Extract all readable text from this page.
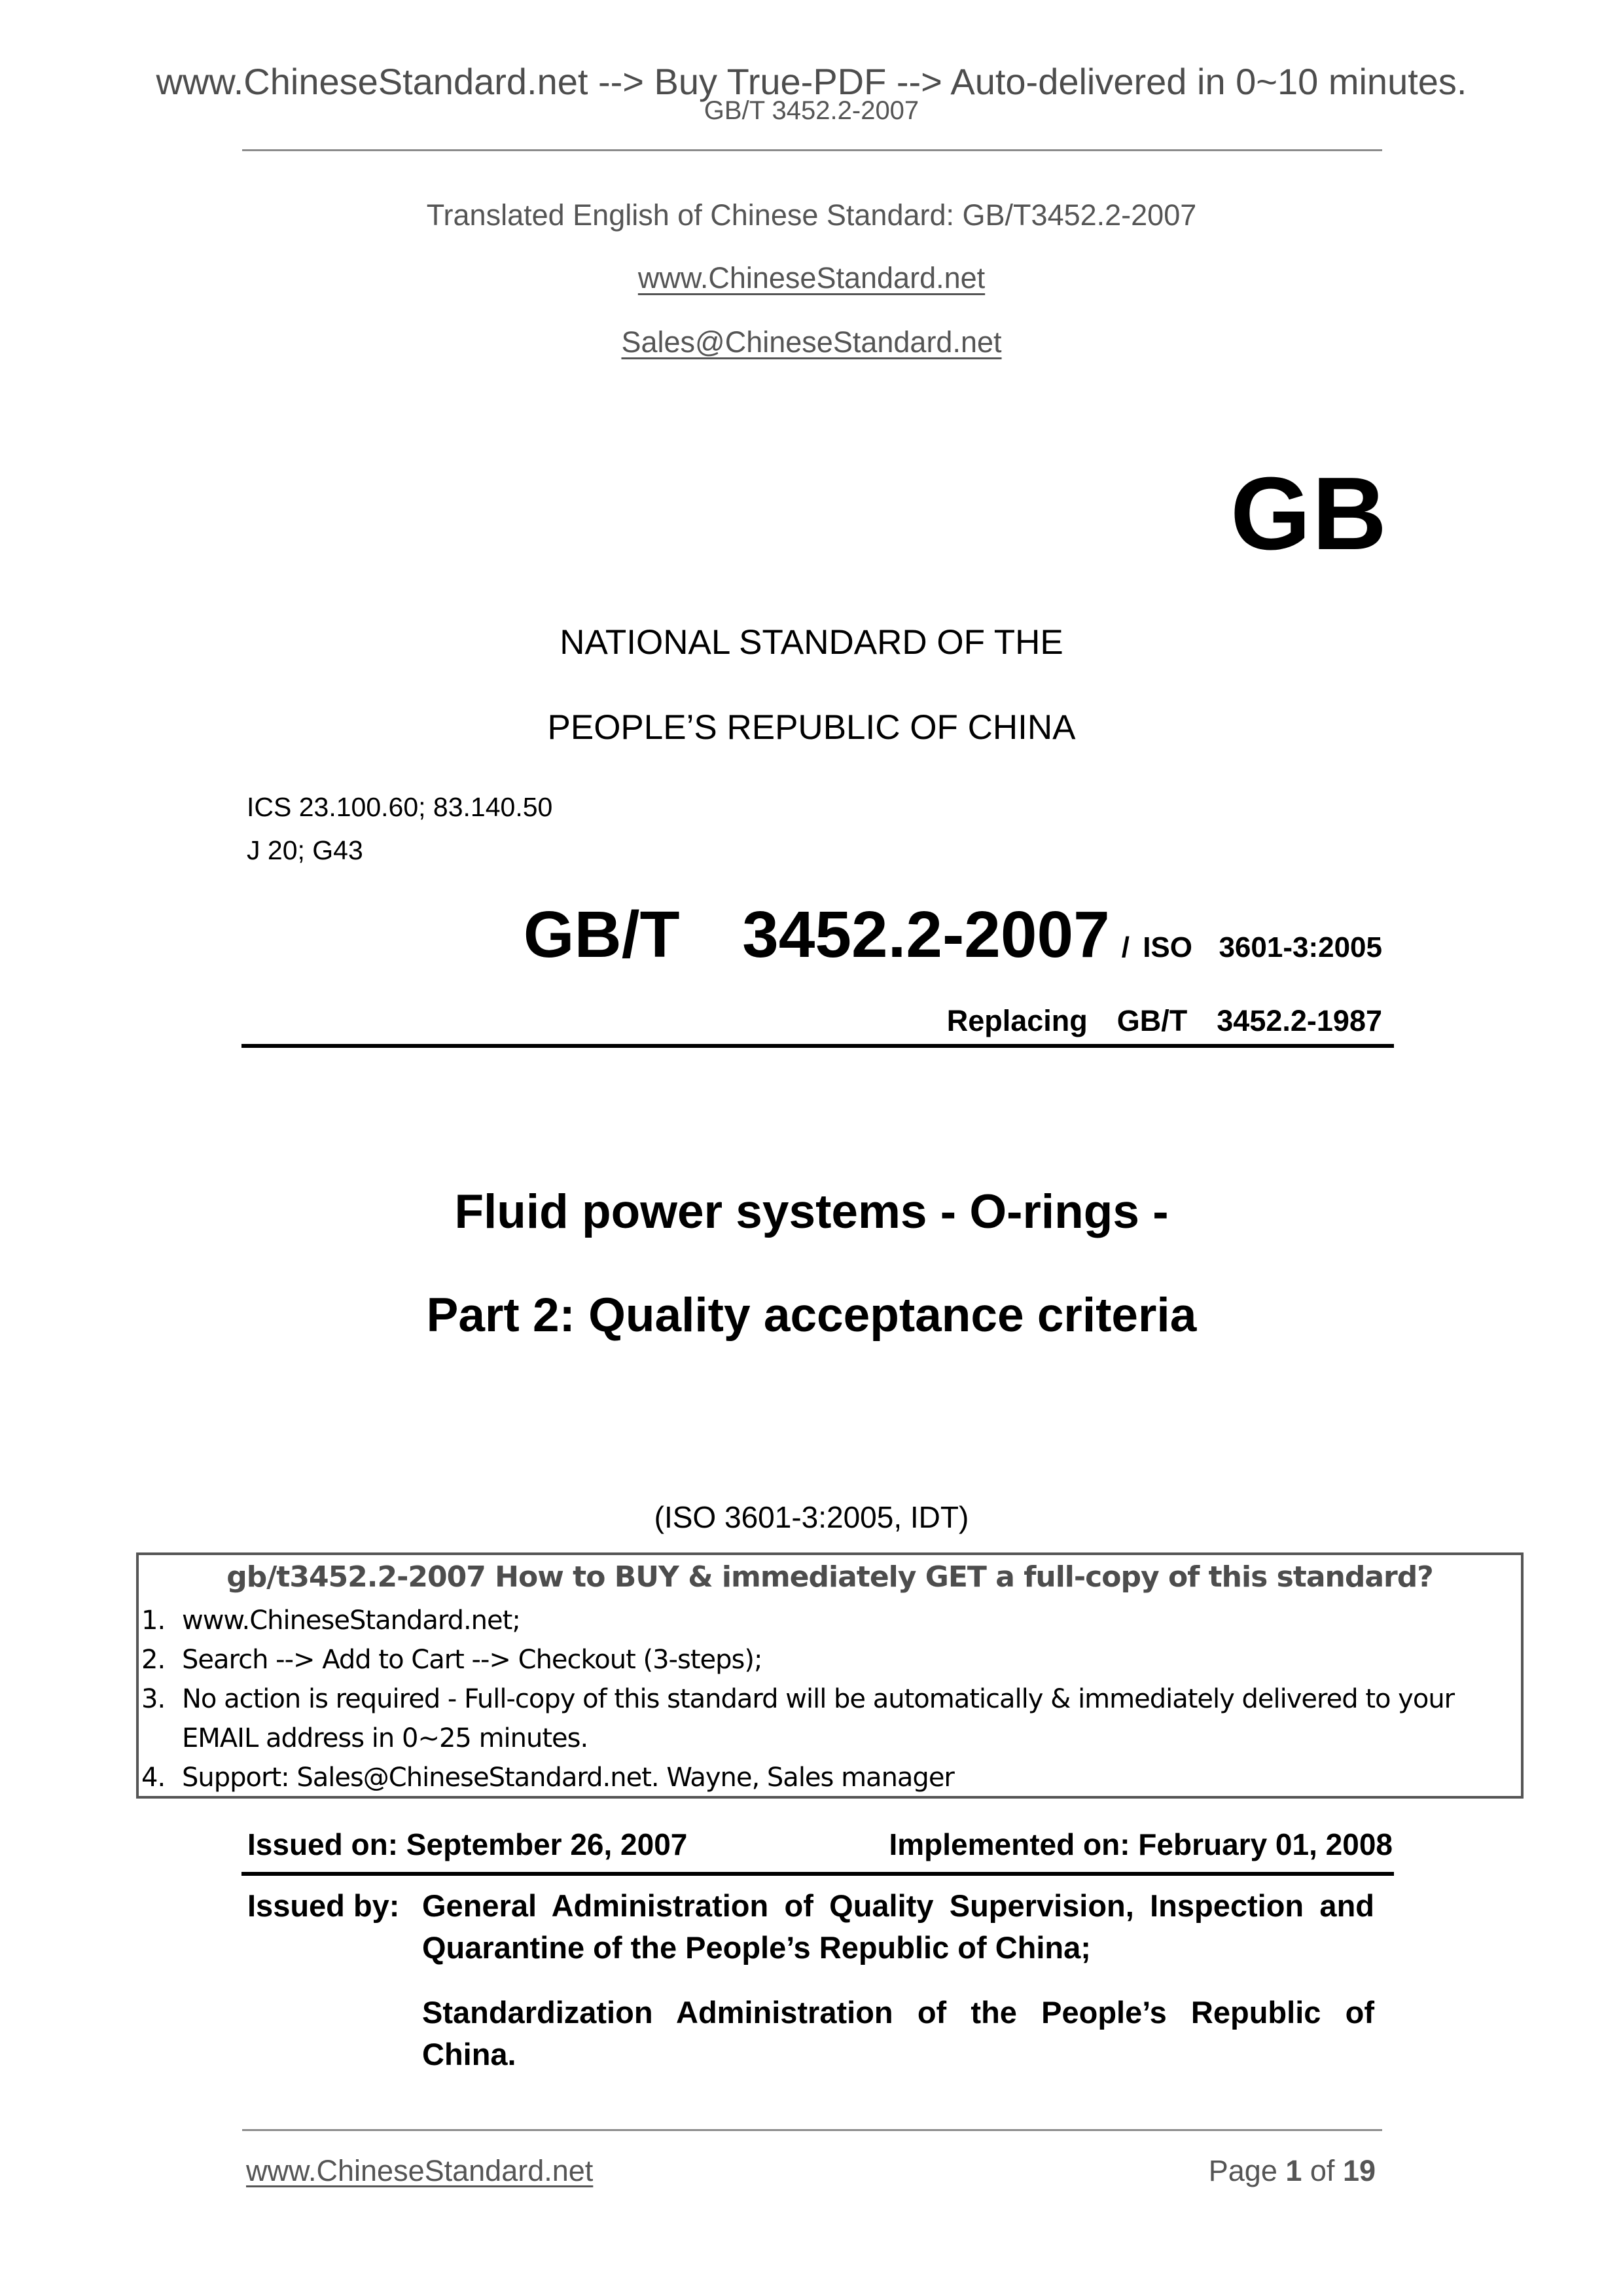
www.ChineseStandard.net --> Buy True-PDF --> Auto-delivered in 0~10 minutes.
GB/T 3452.2-2007
Translated English of Chinese Standard: GB/T3452.2-2007
www.ChineseStandard.net
Sales@ChineseStandard.net
GB
NATIONAL STANDARD OF THE
PEOPLE’S REPUBLIC OF CHINA
ICS 23.100.60; 83.140.50
J 20; G43
GB/T  3452.2-2007 / ISO  3601-3:2005
Replacing  GB/T  3452.2-1987
Fluid power systems - O-rings -
Part 2: Quality acceptance criteria
(ISO 3601-3:2005, IDT)
gb/t3452.2-2007 How to BUY & immediately GET a full-copy of this standard?
1. www.ChineseStandard.net;
2. Search --> Add to Cart --> Checkout (3-steps);
3. No action is required - Full-copy of this standard will be automatically & immediately delivered to your EMAIL address in 0~25 minutes.
4. Support: Sales@ChineseStandard.net. Wayne, Sales manager
Issued on: September 26, 2007	Implemented on: February 01, 2008
Issued by: General Administration of Quality Supervision, Inspection and Quarantine of the People’s Republic of China;
Standardization Administration of the People’s Republic of China.
www.ChineseStandard.net	Page 1 of 19
